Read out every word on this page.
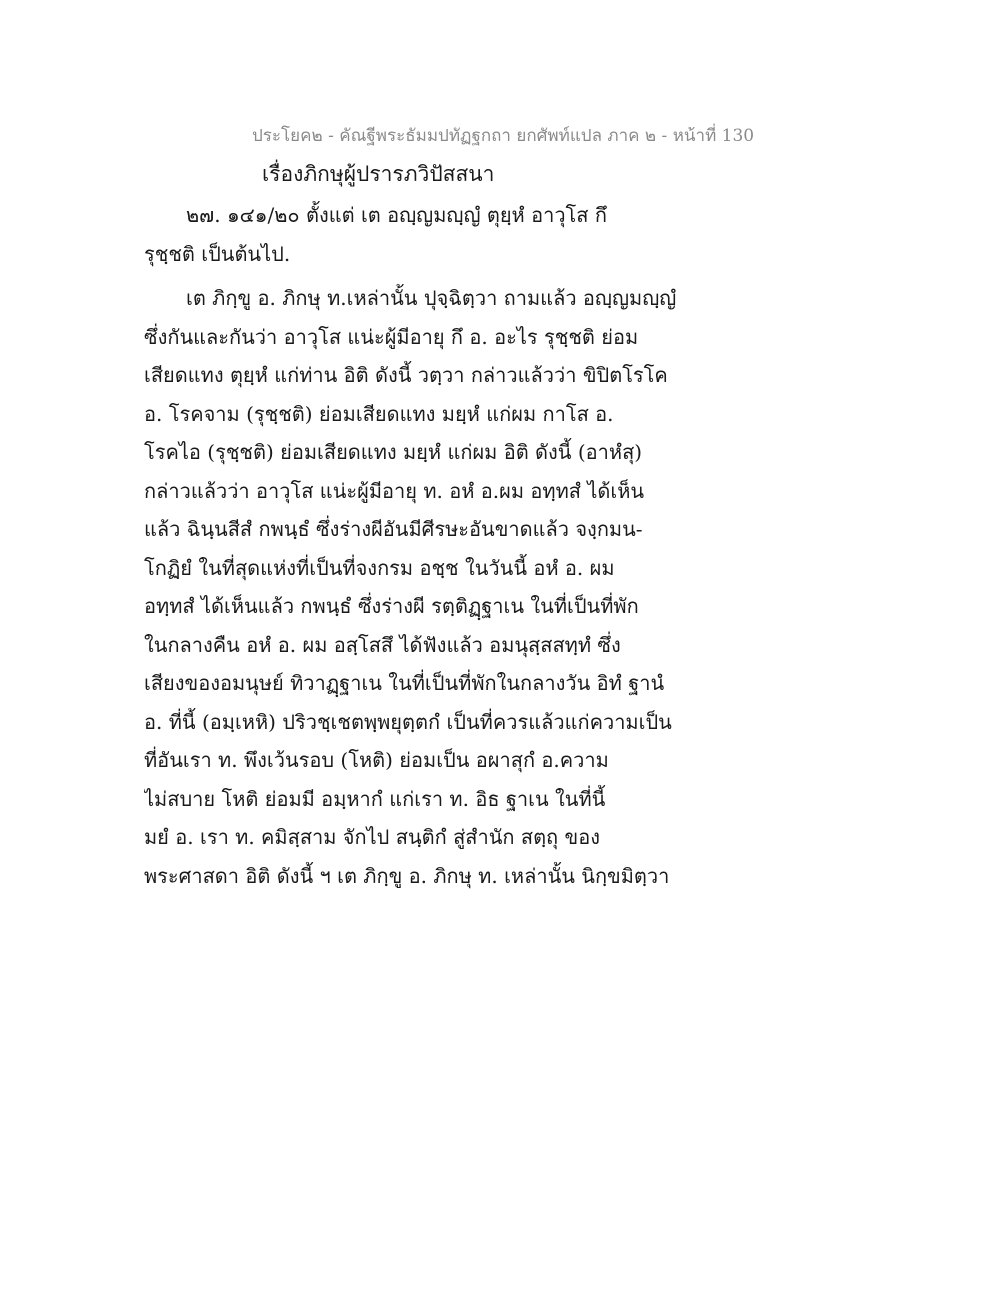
ประโยค๒ - คัณฐีพระธัมมปทัฏฐกถา ยกศัพท์แปล ภาค ๒ - หน้าที่ 130
เรื่องภิกษุผู้ปรารภวิปัสสนา
๒๗. ๑๔๑/๒๐ ตั้งแต่ เต อญฺญมญฺญํ ตุยฺหํ อาวุโส กึ
รุชฺชติ เป็นต้นไป.
เต ภิกฺขู อ. ภิกษุ ท.เหล่านั้น ปุจฺฉิตฺวา ถามแล้ว อญฺญมญฺญํ
ซึ่งกันและกันว่า อาวุโส แน่ะผู้มีอายุ กึ อ. อะไร รุชฺชติ ย่อม
เสียดแทง ตุยฺหํ แก่ท่าน อิติ ดังนี้ วตฺวา กล่าวแล้วว่า ขิปิตโรโค
อ. โรคจาม (รุชฺชติ) ย่อมเสียดแทง มยฺหํ แก่ผม กาโส อ.
โรคไอ (รุชฺชติ) ย่อมเสียดแทง มยฺหํ แก่ผม อิติ ดังนี้ (อาหํสุ)
กล่าวแล้วว่า อาวุโส แน่ะผู้มีอายุ ท. อหํ อ.ผม อทฺทสํ ได้เห็น
แล้ว ฉินฺนสีสํ กพนฺธํ ซึ่งร่างผีอันมีศีรษะอันขาดแล้ว จงฺกมน-
โกฏิยํ ในที่สุดแห่งที่เป็นที่จงกรม อชฺช ในวันนี้ อหํ อ. ผม
อทฺทสํ ได้เห็นแล้ว กพนฺธํ ซึ่งร่างผี รตฺติฏฺฐาเน ในที่เป็นที่พัก
ในกลางคืน อหํ อ. ผม อสฺโสสึ ได้ฟังแล้ว อมนุสฺสสทฺทํ ซึ่ง
เสียงของอมนุษย์ ทิวาฏฺฐาเน ในที่เป็นที่พักในกลางวัน อิทํ ฐานํ
อ. ที่นี้ (อมฺเหหิ) ปริวชฺเชตพฺพยุตฺตกํ เป็นที่ควรแล้วแก่ความเป็น
ที่อันเรา ท. พึงเว้นรอบ (โหติ) ย่อมเป็น อผาสุกํ อ.ความ
ไม่สบาย โหติ ย่อมมี อมฺหากํ แก่เรา ท. อิธ ฐาเน ในที่นี้
มยํ อ. เรา ท. คมิสฺสาม จักไป สนฺติกํ สู่สำนัก สตฺถุ ของ
พระศาสดา อิติ ดังนี้ ฯ เต ภิกฺขู อ. ภิกษุ ท. เหล่านั้น นิกฺขมิตฺวา
